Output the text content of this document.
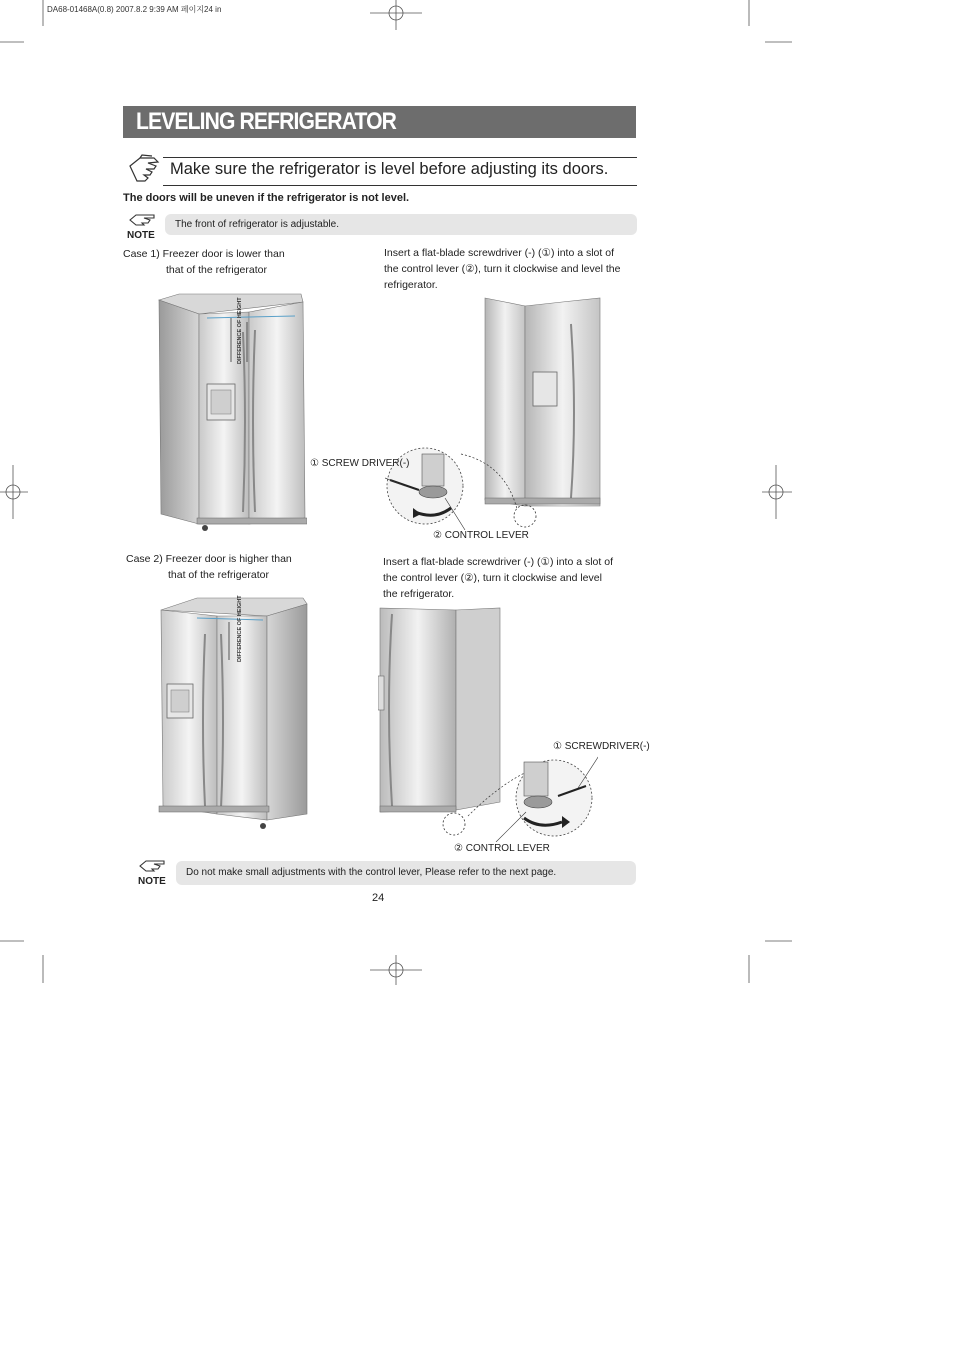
DA68-01468A(0.8) 2007.8.2 9:39 AM 페이지24 in
LEVELING REFRIGERATOR
Make sure the refrigerator is level before adjusting its doors.
The doors will be uneven if the refrigerator is not level.
NOTE
The front of refrigerator is adjustable.
Case 1) Freezer door is lower than
that of the refrigerator
Insert a flat-blade screwdriver (-) (①) into a slot of
the control lever (②), turn it clockwise and level the
refrigerator.
DIFFERENCE OF HEIGHT
① SCREW DRIVER(-)
② CONTROL LEVER
Case 2) Freezer door is higher than
that of the refrigerator
Insert a flat-blade screwdriver (-) (①) into a slot of
the control lever (②), turn it clockwise and level
the refrigerator.
DIFFERENCE OF HEIGHT
① SCREWDRIVER(-)
② CONTROL LEVER
NOTE
Do not make small adjustments with the control lever, Please refer to the next page.
24
